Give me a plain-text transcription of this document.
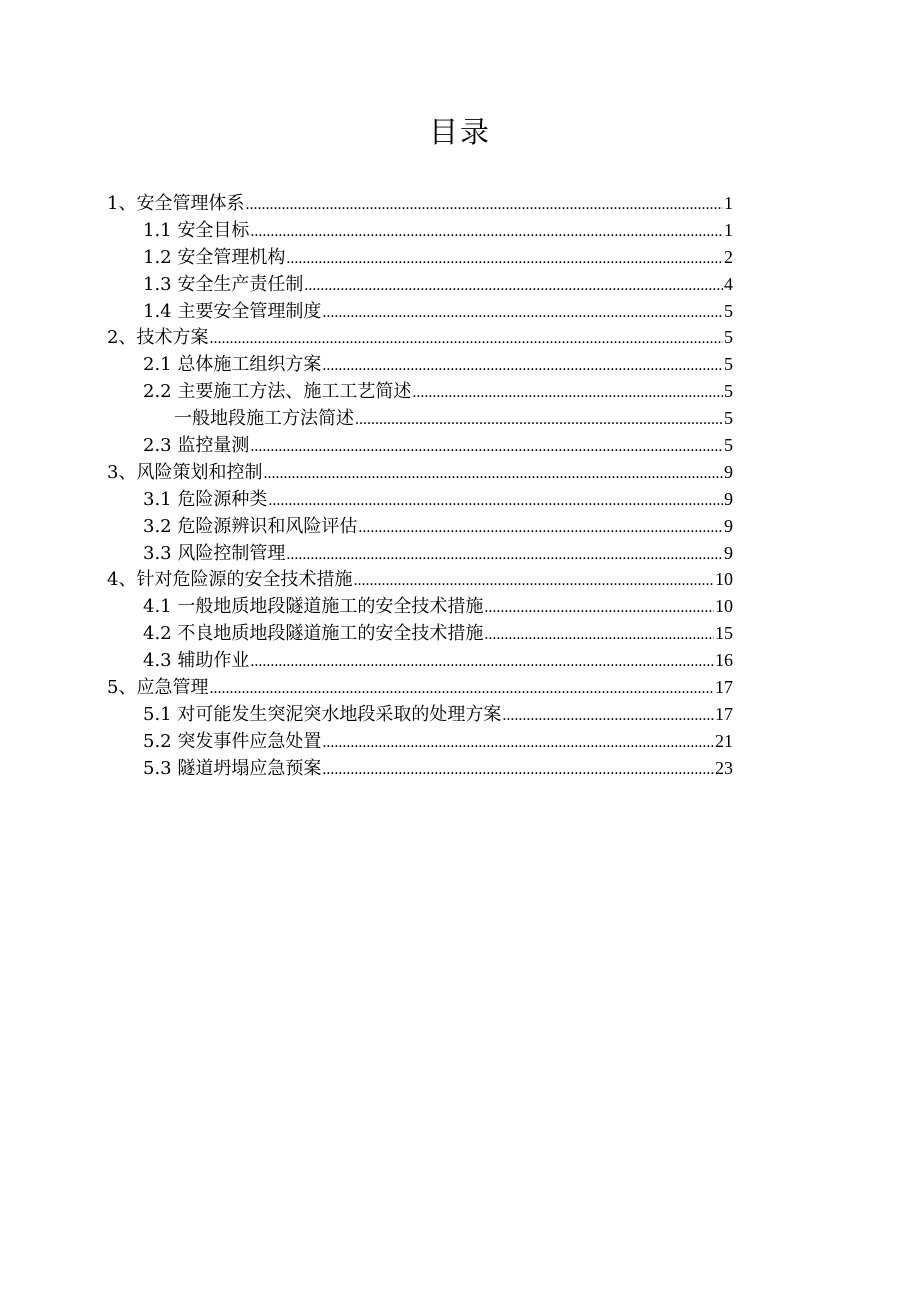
目录
1、安全管理体系 .....	1
1.1 安全目标 .....	1
1.2 安全管理机构 .....	2
1.3 安全生产责任制 .....	4
1.4 主要安全管理制度 .....	5
2、技术方案 .....	5
2.1 总体施工组织方案 .....	5
2.2 主要施工方法、施工工艺简述 .....	5
一般地段施工方法简述 .....	5
2.3 监控量测 .....	5
3、风险策划和控制 .....	9
3.1 危险源种类 .....	9
3.2 危险源辨识和风险评估 .....	9
3.3 风险控制管理 .....	9
4、针对危险源的安全技术措施 .....	10
4.1 一般地质地段隧道施工的安全技术措施 .....	10
4.2 不良地质地段隧道施工的安全技术措施 .....	15
4.3 辅助作业 .....	16
5、应急管理 .....	17
5.1 对可能发生突泥突水地段采取的处理方案 .....	17
5.2 突发事件应急处置 .....	21
5.3 隧道坍塌应急预案 .....	23
